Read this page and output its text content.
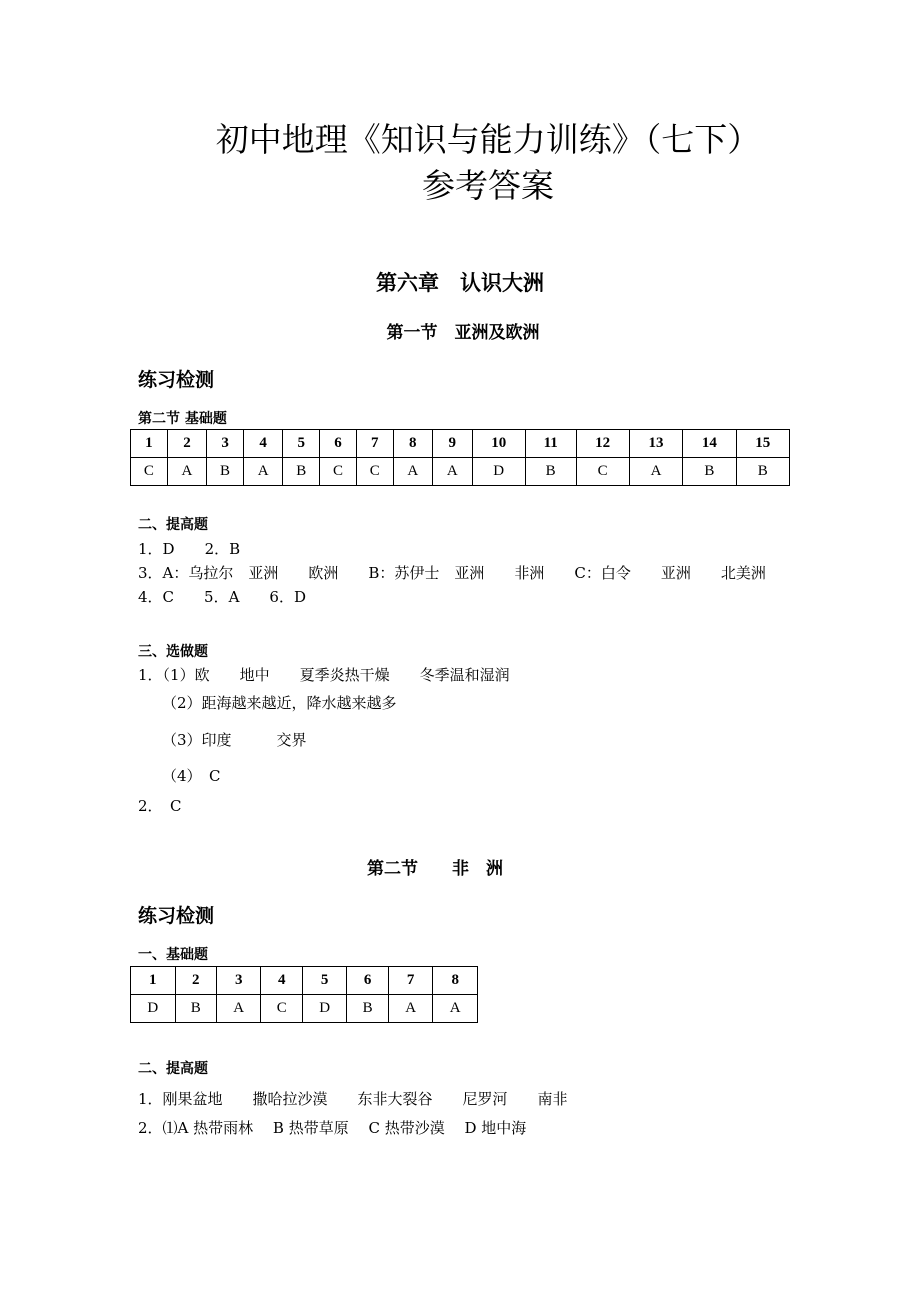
初中地理《知识与能力训练》（七下）
参考答案
第六章　认识大洲
第一节　亚洲及欧洲
练习检测
第二节 基础题
1	2	3	4	5	6	7	8	9	10	11	12	13	14	15
C	A	B	A	B	C	C	A	A	D	B	C	A	B	B
二、提高题
1．D　　2．B
3．A：乌拉尔　亚洲　　欧洲　　B：苏伊士　亚洲　　非洲　　C：白令　　亚洲　　北美洲
4．C　　5．A　　6．D
三、选做题
1．（1）欧　　地中　　夏季炎热干燥　　冬季温和湿润
（2）距海越来越近，降水越来越多
（3）印度　　　交界
（4）　C
2．　C
第二节　　非　洲
练习检测
一、基础题
1	2	3	4	5	6	7	8
D	B	A	C	D	B	A	A
二、提高题
1．刚果盆地　　撒哈拉沙漠　　东非大裂谷　　尼罗河　　南非
2．⑴A 热带雨林　 B 热带草原　 C 热带沙漠　 D 地中海
